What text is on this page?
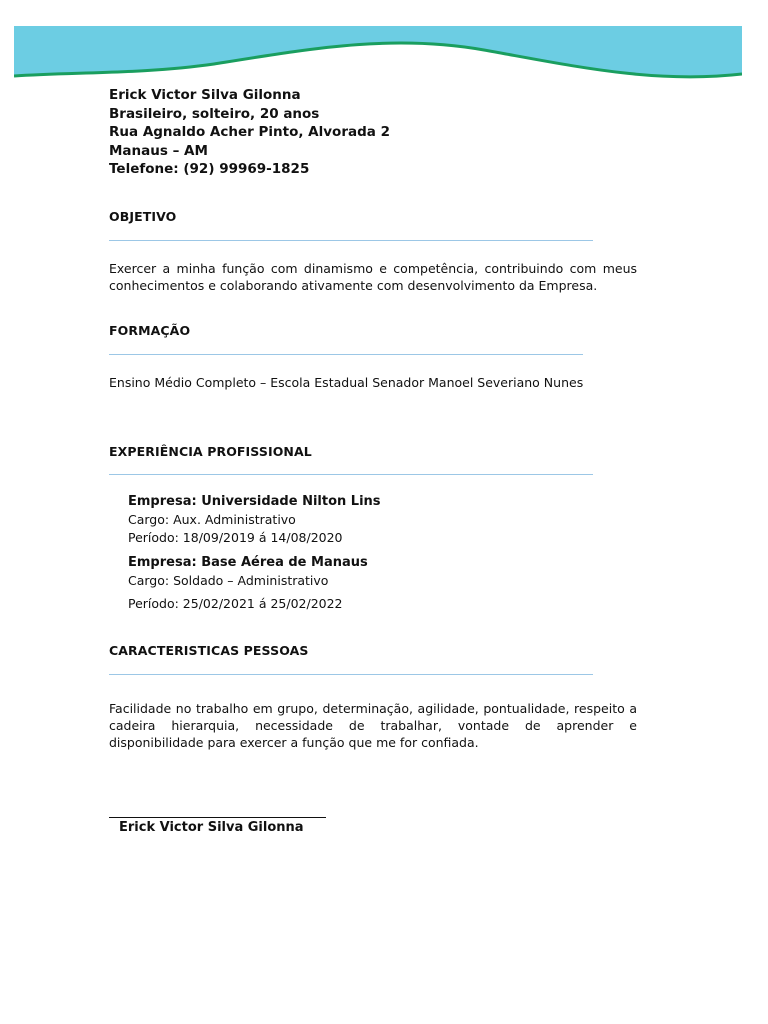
Erick Victor Silva Gilonna
Brasileiro, solteiro, 20 anos
Rua Agnaldo Acher Pinto, Alvorada 2
Manaus – AM
Telefone: (92) 99969-1825
OBJETIVO
Exercer a minha função com dinamismo e competência, contribuindo com meus conhecimentos e colaborando ativamente com desenvolvimento da Empresa.
FORMAÇÃO
Ensino Médio Completo – Escola Estadual Senador Manoel Severiano Nunes
EXPERIÊNCIA PROFISSIONAL
Empresa: Universidade Nilton Lins
Cargo: Aux. Administrativo
Período: 18/09/2019 á 14/08/2020
Empresa: Base Aérea de Manaus
Cargo: Soldado – Administrativo
Período: 25/02/2021 á 25/02/2022
CARACTERISTICAS PESSOAS
Facilidade no trabalho em grupo, determinação, agilidade, pontualidade, respeito a cadeira hierarquia, necessidade de trabalhar, vontade de aprender e disponibilidade para exercer a função que me for confiada.
Erick Victor Silva Gilonna
